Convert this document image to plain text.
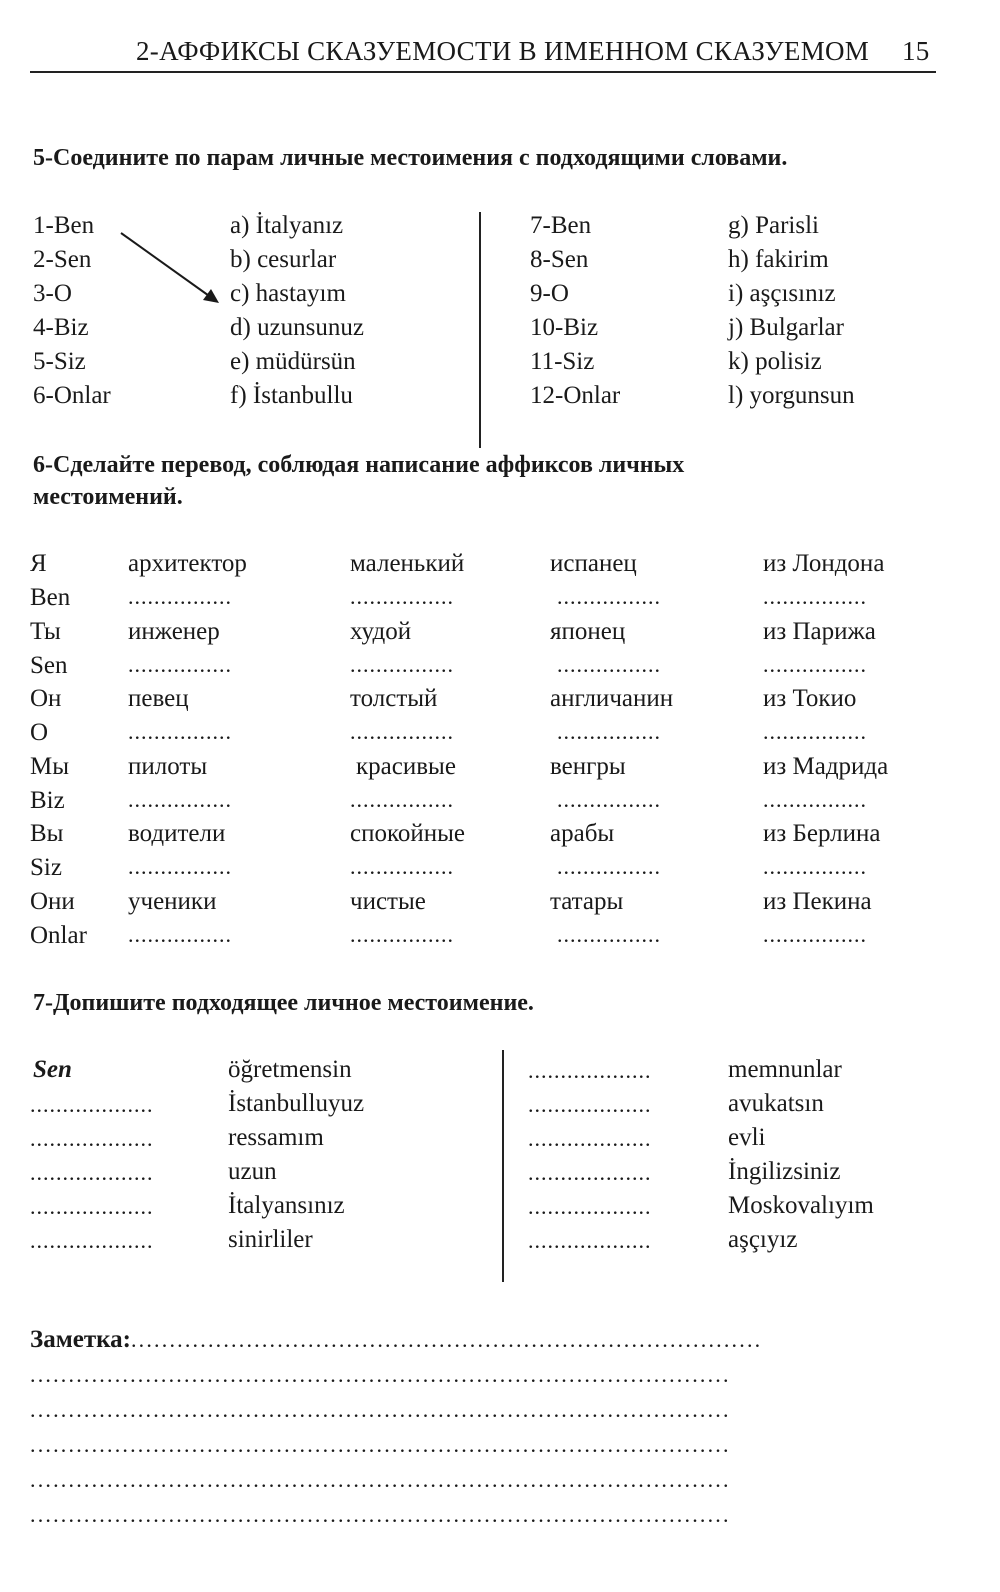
2-АФФИКСЫ СКАЗУЕМОСТИ В ИМЕННОМ СКАЗУЕМОМ 15
5-Соедините по парам личные местоимения с подходящими словами.
1-Ben
2-Sen
3-O
4-Biz
5-Siz
6-Onlar
a) İtalyanız
b) cesurlar
c) hastayım
d) uzunsunuz
e) müdürsün
f) İstanbullu
7-Ben
8-Sen
9-O
10-Biz
11-Siz
12-Onlar
g) Parisli
h) fakirim
i) aşçısınız
j) Bulgarlar
k) polisiz
l) yorgunsun
6-Сделайте перевод, соблюдая написание аффиксов личных
местоимений.
Я
Ben
архитектор
................
маленький
................
испанец
................
из Лондона
................
Ты
Sen
инженер
................
худой
................
японец
................
из Парижа
................
Он
O
певец
................
толстый
................
англичанин
................
из Токио
................
Мы
Biz
пилоты
................
красивые
................
венгры
................
из Мадрида
................
Вы
Siz
водители
................
спокойные
................
арабы
................
из Берлина
................
Они
Onlar
ученики
................
чистые
................
татары
................
из Пекина
................
7-Допишите подходящее личное местоимение.
Sen
...................
...................
...................
...................
...................
öğretmensin
İstanbulluyuz
ressamım
uzun
İtalyansınız
sinirliler
...................
...................
...................
...................
...................
...................
memnunlar
avukatsın
evli
İngilizsiniz
Moskovalıyım
aşçıyız
Заметка:..................................................................................
...........................................................................................
...........................................................................................
...........................................................................................
...........................................................................................
...........................................................................................
